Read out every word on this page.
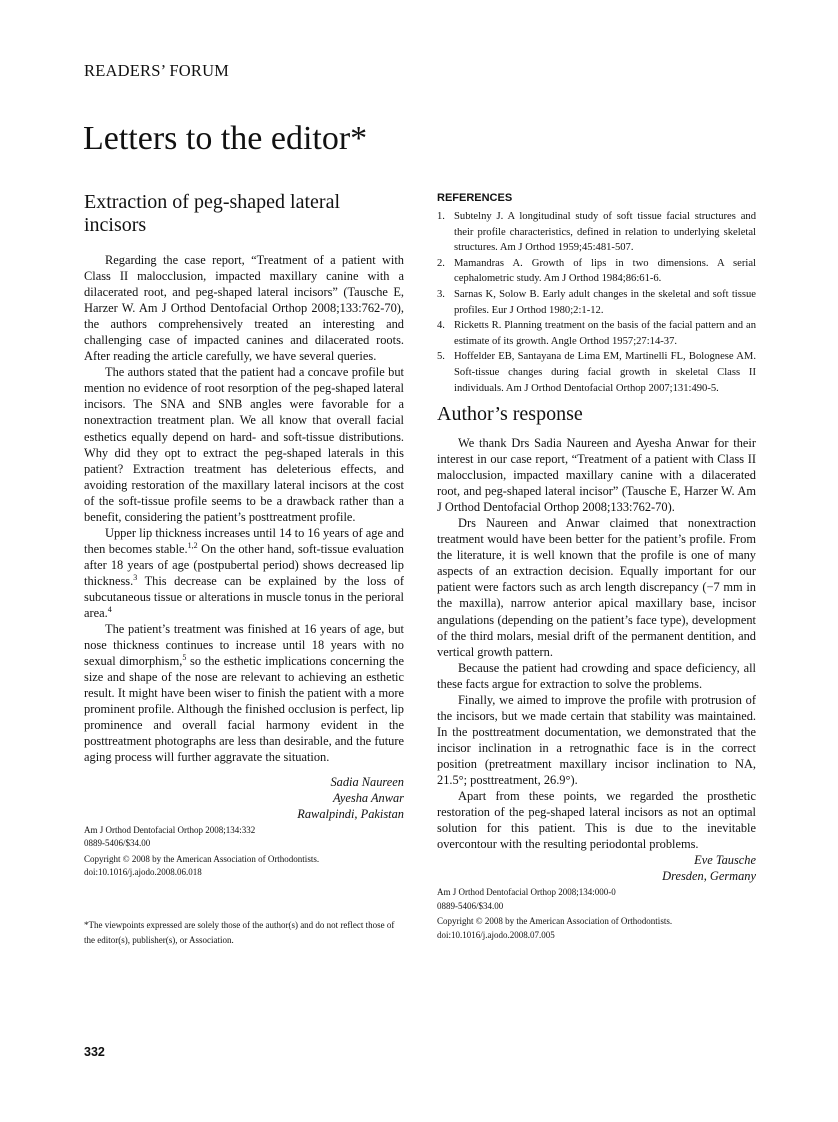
READERS’ FORUM
Letters to the editor*
Extraction of peg-shaped lateral incisors

Regarding the case report, “Treatment of a patient with Class II malocclusion, impacted maxillary canine with a dilacerated root, and peg-shaped lateral incisors” (Tausche E, Harzer W. Am J Orthod Dentofacial Orthop 2008;133:762-70), the authors comprehensively treated an interesting and challenging case of impacted canines and dilacerated roots. After reading the article carefully, we have several queries.

The authors stated that the patient had a concave profile but mention no evidence of root resorption of the peg-shaped lateral incisors. The SNA and SNB angles were favorable for a nonextraction treatment plan. We all know that overall facial esthetics equally depend on hard- and soft-tissue distributions. Why did they opt to extract the peg-shaped laterals in this patient? Extraction treatment has deleterious effects, and avoiding restoration of the maxillary lateral incisors at the cost of the soft-tissue profile seems to be a drawback rather than a benefit, considering the patient’s posttreatment profile.

Upper lip thickness increases until 14 to 16 years of age and then becomes stable.$^{1,2}$ On the other hand, soft-tissue evaluation after 18 years of age (postpubertal period) shows decreased lip thickness.$^3$ This decrease can be explained by the loss of subcutaneous tissue or alterations in muscle tonus in the perioral area.$^4$

The patient’s treatment was finished at 16 years of age, but nose thickness continues to increase until 18 years with no sexual dimorphism,$^5$ so the esthetic implications concerning the size and shape of the nose are relevant to achieving an esthetic result. It might have been wiser to finish the patient with a more prominent profile. Although the finished occlusion is perfect, lip prominence and overall facial harmony evident in the posttreatment photographs are less than desirable, and the future aging process will further aggravate the situation.

Sadia Naureen
Ayesha Anwar
Rawalpindi, Pakistan
Am J Orthod Dentofacial Orthop 2008;134:332
0889-5406/$34.00
Copyright © 2008 by the American Association of Orthodontists.
doi:10.1016/j.ajodo.2008.06.018
*The viewpoints expressed are solely those of the author(s) and do not reflect those of the editor(s), publisher(s), or Association.
REFERENCES
1. Subtelny J. A longitudinal study of soft tissue facial structures and their profile characteristics, defined in relation to underlying skeletal structures. Am J Orthod 1959;45:481-507.
2. Mamandras A. Growth of lips in two dimensions. A serial cephalometric study. Am J Orthod 1984;86:61-6.
3. Sarnas K, Solow B. Early adult changes in the skeletal and soft tissue profiles. Eur J Orthod 1980;2:1-12.
4. Ricketts R. Planning treatment on the basis of the facial pattern and an estimate of its growth. Angle Orthod 1957;27:14-37.
5. Hoffelder EB, Santayana de Lima EM, Martinelli FL, Bolognese AM. Soft-tissue changes during facial growth in skeletal Class II individuals. Am J Orthod Dentofacial Orthop 2007;131:490-5.
Author’s response

We thank Drs Sadia Naureen and Ayesha Anwar for their interest in our case report, “Treatment of a patient with Class II malocclusion, impacted maxillary canine with a dilacerated root, and peg-shaped lateral incisor” (Tausche E, Harzer W. Am J Orthod Dentofacial Orthop 2008;133:762-70).

Drs Naureen and Anwar claimed that nonextraction treatment would have been better for the patient’s profile. From the literature, it is well known that the profile is one of many aspects of an extraction decision. Equally important for our patient were factors such as arch length discrepancy (−7 mm in the maxilla), narrow anterior apical maxillary base, incisor angulations (depending on the patient’s face type), development of the third molars, mesial drift of the permanent dentition, and vertical growth pattern.

Because the patient had crowding and space deficiency, all these facts argue for extraction to solve the problems.

Finally, we aimed to improve the profile with protrusion of the incisors, but we made certain that stability was maintained. In the posttreatment documentation, we demonstrated that the incisor inclination in a retrognathic face is in the correct position (pretreatment maxillary incisor inclination to NA, 21.5°; posttreatment, 26.9°).

Apart from these points, we regarded the prosthetic restoration of the peg-shaped lateral incisors as not an optimal solution for this patient. This is due to the inevitable overcontour with the resulting periodontal problems.

Eve Tausche
Dresden, Germany
Am J Orthod Dentofacial Orthop 2008;134:000-0
0889-5406/$34.00
Copyright © 2008 by the American Association of Orthodontists.
doi:10.1016/j.ajodo.2008.07.005
332
